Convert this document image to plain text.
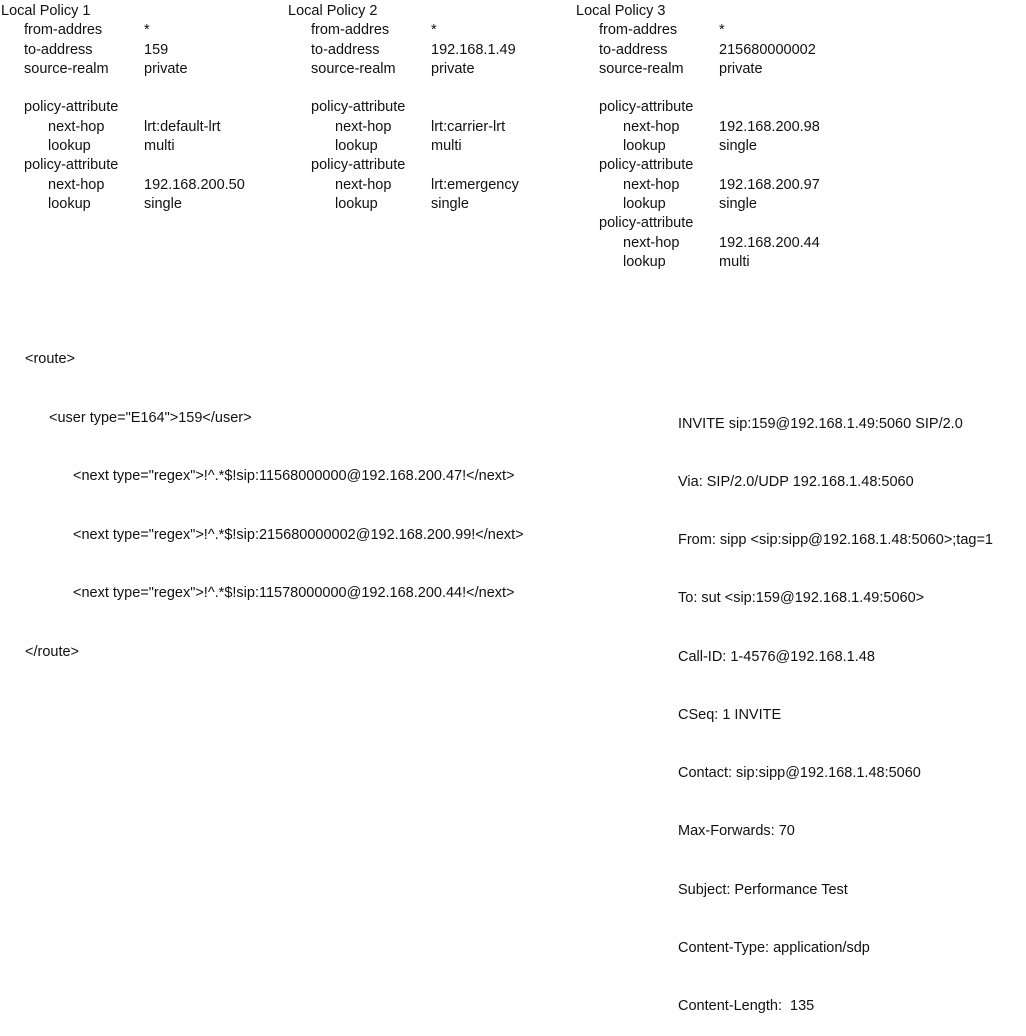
Local Policy 1
from-addres	*
to-address	159
source-realm	private
policy-attribute
next-hop	lrt:default-lrt
lookup	multi
policy-attribute
next-hop	192.168.200.50
lookup	single
Local Policy 2
from-addres	*
to-address	192.168.1.49
source-realm	private
policy-attribute
next-hop	lrt:carrier-lrt
lookup	multi
policy-attribute
next-hop	lrt:emergency
lookup	single
Local Policy 3
from-addres	*
to-address	215680000002
source-realm	private
policy-attribute
next-hop	192.168.200.98
lookup	single
policy-attribute
next-hop	192.168.200.97
lookup	single
policy-attribute
next-hop	192.168.200.44
lookup	multi

<route>

<user type="E164">159</user>

<next type="regex">!^.*$!sip:11568000000@192.168.200.47!</next>

<next type="regex">!^.*$!sip:215680000002@192.168.200.99!</next>

<next type="regex">!^.*$!sip:11578000000@192.168.200.44!</next>

</route>

INVITE sip:159@192.168.1.49:5060 SIP/2.0

Via: SIP/2.0/UDP 192.168.1.48:5060

From: sipp <sip:sipp@192.168.1.48:5060>;tag=1

To: sut <sip:159@192.168.1.49:5060>

Call-ID: 1-4576@192.168.1.48

CSeq: 1 INVITE

Contact: sip:sipp@192.168.1.48:5060

Max-Forwards: 70

Subject: Performance Test

Content-Type: application/sdp

Content-Length:  135
